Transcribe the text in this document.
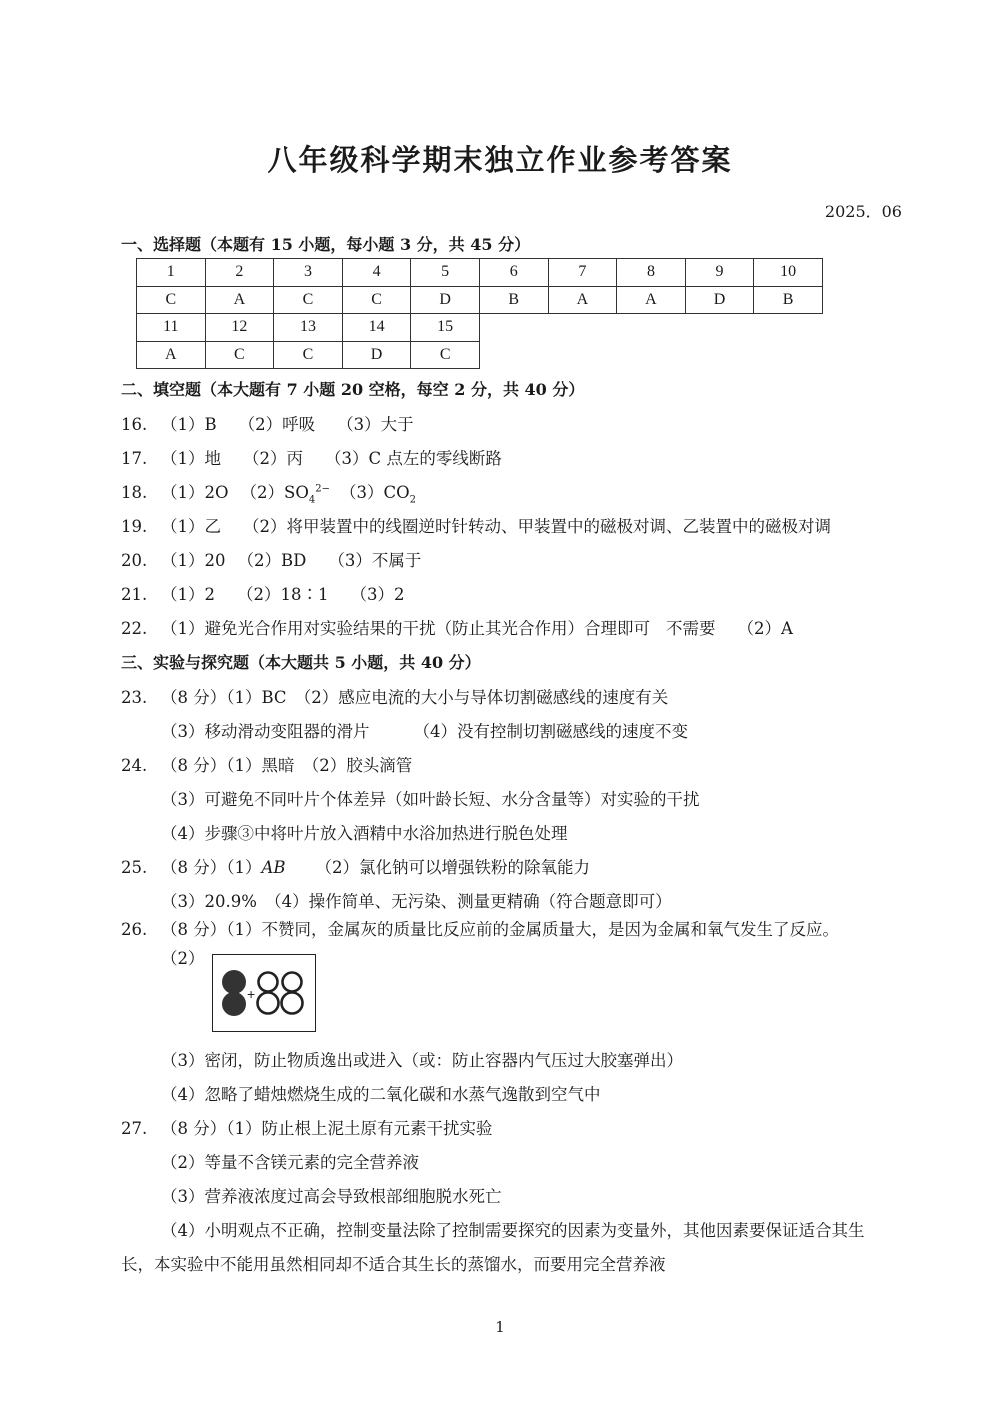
八年级科学期末独立作业参考答案
2025．06
一、选择题（本题有 15 小题，每小题 3 分，共 45 分）
1	2	3	4	5	6	7	8	9	10
C	A	C	C	D	B	A	A	D	B
11	12	13	14	15					
A	C	C	D	C					
二、填空题（本大题有 7 小题 20 空格，每空 2 分，共 40 分）
16. （1）B （2）呼吸 （3）大于
17. （1）地 （2）丙 （3）C 点左的零线断路
18. （1）2O $(2)SO_4^{2-}$ $(3)CO_2$
19. （1）乙 （2）将甲装置中的线圈逆时针转动、甲装置中的磁极对调、乙装置中的磁极对调
20. （1）20 （2）BD （3）不属于
21. （1）2 （2）18∶1 （3）2
22. （1）避免光合作用对实验结果的干扰（防止其光合作用）合理即可 不需要 （2）A
三、实验与探究题（本大题共 5 小题，共 40 分）
23. （8 分）（1）BC　（2）感应电流的大小与导体切割磁感线的速度有关
（3）移动滑动变阻器的滑片	（4）没有控制切割磁感线的速度不变
24. （8 分）（1）黑暗　（2）胶头滴管
（3）可避免不同叶片个体差异（如叶龄长短、水分含量等）对实验的干扰
（4）步骤③中将叶片放入酒精中水浴加热进行脱色处理
25. （8 分）（1）AB （2）氯化钠可以增强铁粉的除氧能力
（3）20.9%　（4）操作简单、无污染、测量更精确（符合题意即可）
26. （8 分）（1）不赞同，金属灰的质量比反应前的金属质量大，是因为金属和氧气发生了反应。
（2）
+
（3）密闭，防止物质逸出或进入（或：防止容器内气压过大胶塞弹出）
（4）忽略了蜡烛燃烧生成的二氧化碳和水蒸气逸散到空气中
27. （8 分）（1）防止根上泥土原有元素干扰实验
（2）等量不含镁元素的完全营养液
（3）营养液浓度过高会导致根部细胞脱水死亡
（4）小明观点不正确，控制变量法除了控制需要探究的因素为变量外，其他因素要保证适合其生
长，本实验中不能用虽然相同却不适合其生长的蒸馏水，而要用完全营养液
1
